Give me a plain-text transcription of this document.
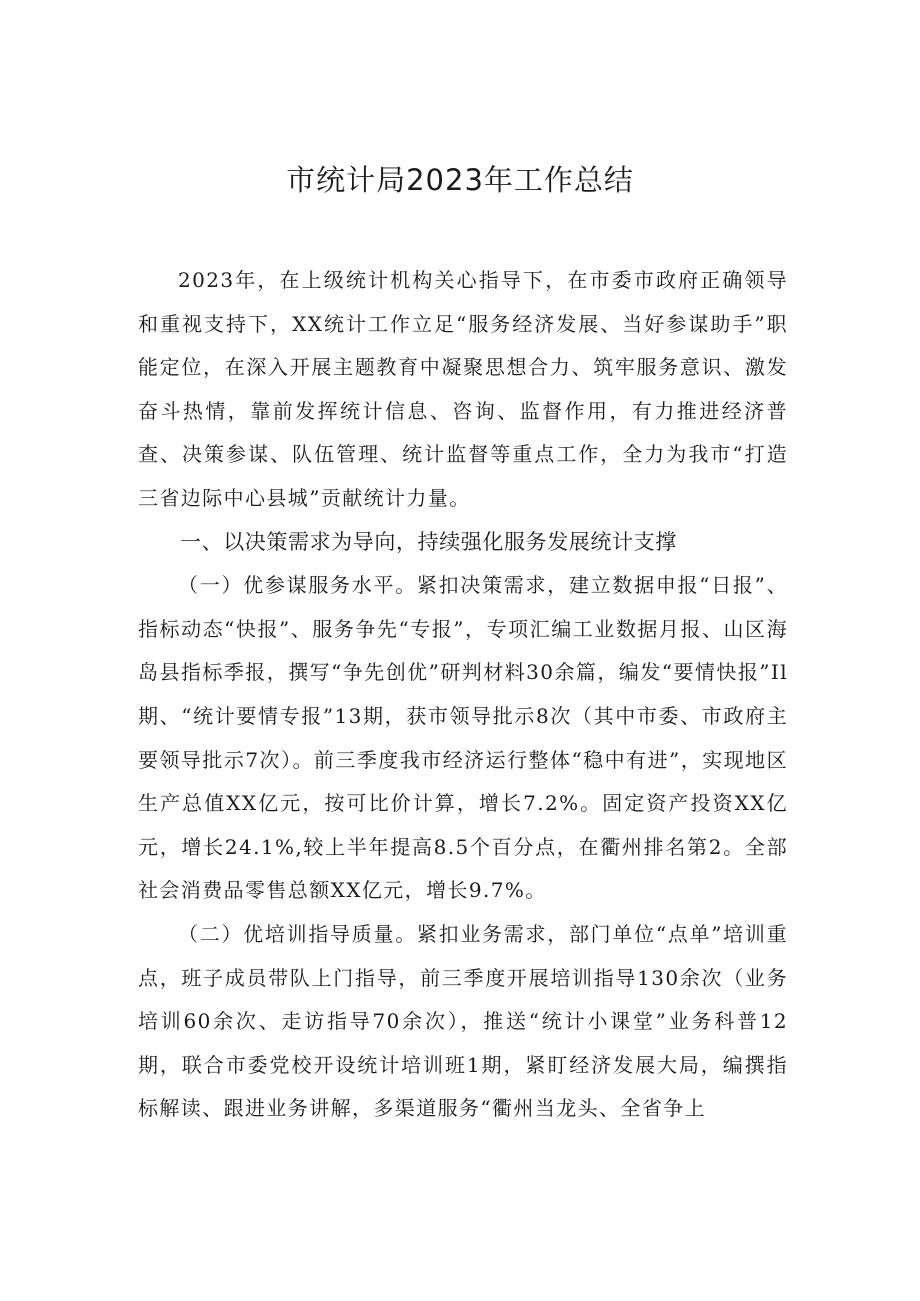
市统计局2023年工作总结

2023年，在上级统计机构关心指导下，在市委市政府正确领导和重视支持下，XX统计工作立足“服务经济发展、当好参谋助手”职能定位，在深入开展主题教育中凝聚思想合力、筑牢服务意识、激发奋斗热情，靠前发挥统计信息、咨询、监督作用，有力推进经济普查、决策参谋、队伍管理、统计监督等重点工作，全力为我市“打造三省边际中心县城”贡献统计力量。

一、以决策需求为导向，持续强化服务发展统计支撑

（一）优参谋服务水平。紧扣决策需求，建立数据申报“日报”、指标动态“快报”、服务争先“专报”，专项汇编工业数据月报、山区海岛县指标季报，撰写“争先创优”研判材料30余篇，编发“要情快报”Il期、“统计要情专报”13期，获市领导批示8次（其中市委、市政府主要领导批示7次）。前三季度我市经济运行整体“稳中有进”，实现地区生产总值XX亿元，按可比价计算，增长7.2%。固定资产投资XX亿元，增长24.1%,较上半年提高8.5个百分点，在衢州排名第2。全部社会消费品零售总额XX亿元，增长9.7%。

（二）优培训指导质量。紧扣业务需求，部门单位“点单”培训重点，班子成员带队上门指导，前三季度开展培训指导130余次（业务培训60余次、走访指导70余次），推送“统计小课堂”业务科普12期，联合市委党校开设统计培训班1期，紧盯经济发展大局，编撰指标解读、跟进业务讲解，多渠道服务“衢州当龙头、全省争上
